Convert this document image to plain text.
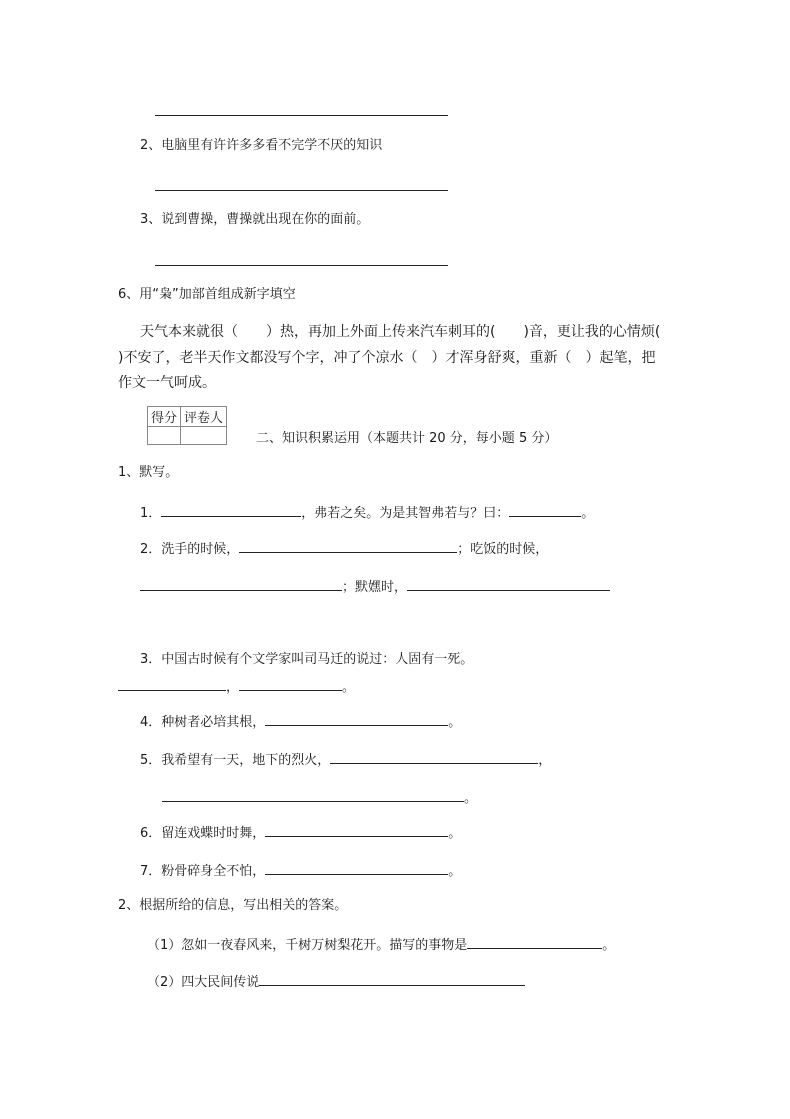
2、电脑里有许许多多看不完学不厌的知识
3、说到曹操，曹操就出现在你的面前。
6、用“枭”加部首组成新字填空
天气本来就很（　　）热，再加上外面上传来汽车刺耳的(　　)音，更让我的心情烦(
)不安了，老半天作文都没写个字，冲了个凉水（　）才浑身舒爽，重新（　）起笔，把
作文一气呵成。
得分	评卷人

二、知识积累运用（本题共计 20 分，每小题 5 分）
1、默写。
1．	，弗若之矣。为是其智弗若与？曰：	。
2．洗手的时候，	；吃饭的时候，
；默嫼时，
3．中国古时候有个文学家叫司马迁的说过：人固有一死。
，	。
4．种树者必培其根，	。
5．我希望有一天，地下的烈火，	，
。
6．留连戏蝶时时舞，	。
7．粉骨碎身全不怕，	。
2、根据所给的信息，写出相关的答案。
（1）忽如一夜春风来，千树万树梨花开。描写的事物是	。
（2）四大民间传说
